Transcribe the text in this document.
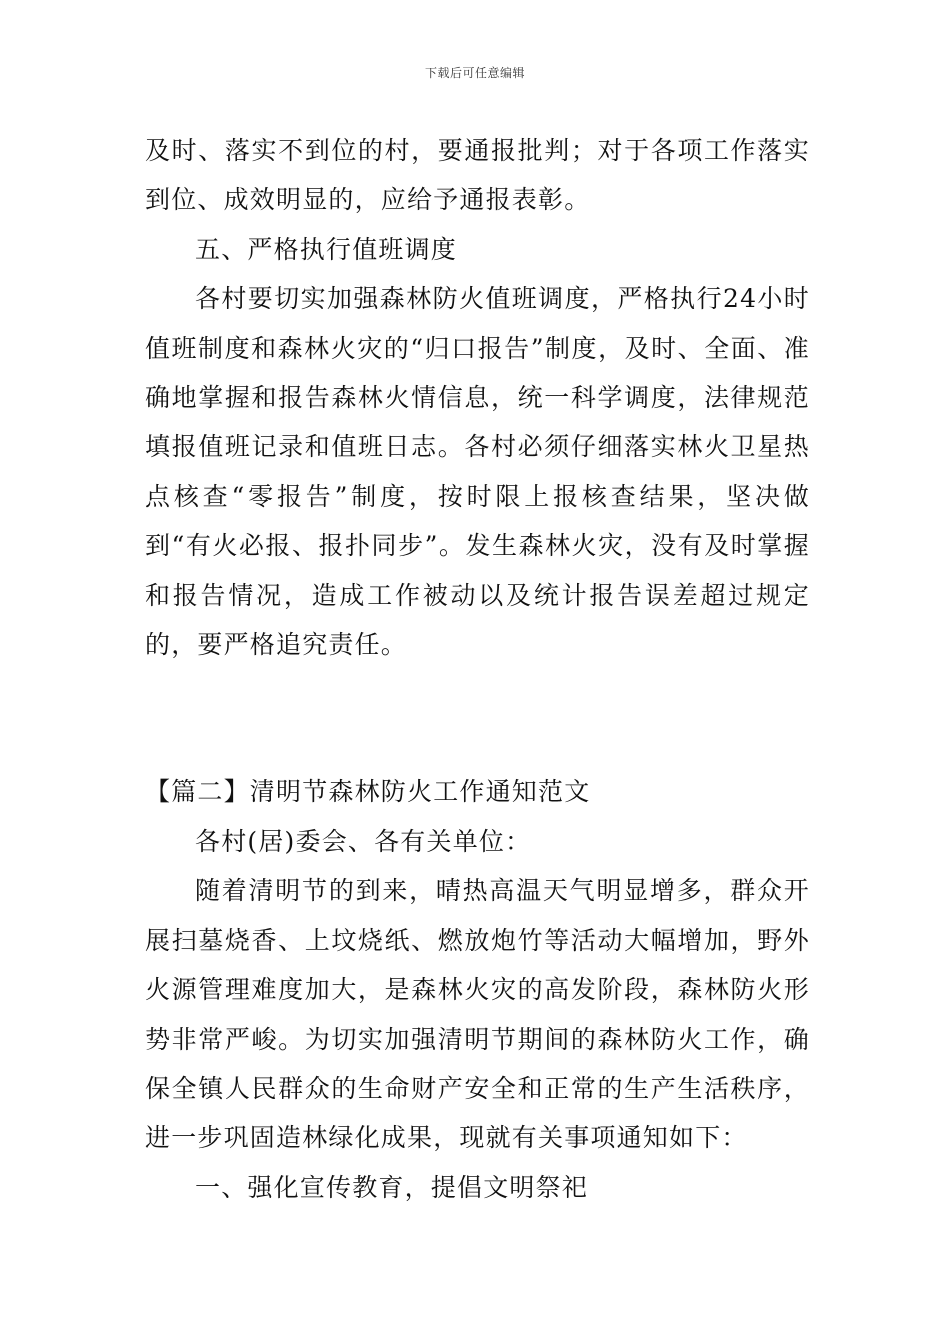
下载后可任意编辑

及时、落实不到位的村，要通报批判；对于各项工作落实到位、成效明显的，应给予通报表彰。

五、严格执行值班调度

各村要切实加强森林防火值班调度，严格执行24小时值班制度和森林火灾的“归口报告”制度，及时、全面、准确地掌握和报告森林火情信息，统一科学调度，法律规范填报值班记录和值班日志。各村必须仔细落实林火卫星热点核查“零报告”制度，按时限上报核查结果，坚决做到“有火必报、报扑同步”。发生森林火灾，没有及时掌握和报告情况，造成工作被动以及统计报告误差超过规定的，要严格追究责任。

【篇二】清明节森林防火工作通知范文

各村(居)委会、各有关单位：

随着清明节的到来，晴热高温天气明显增多，群众开展扫墓烧香、上坟烧纸、燃放炮竹等活动大幅增加，野外火源管理难度加大，是森林火灾的高发阶段，森林防火形势非常严峻。为切实加强清明节期间的森林防火工作，确保全镇人民群众的生命财产安全和正常的生产生活秩序，进一步巩固造林绿化成果，现就有关事项通知如下：

一、强化宣传教育，提倡文明祭祀
